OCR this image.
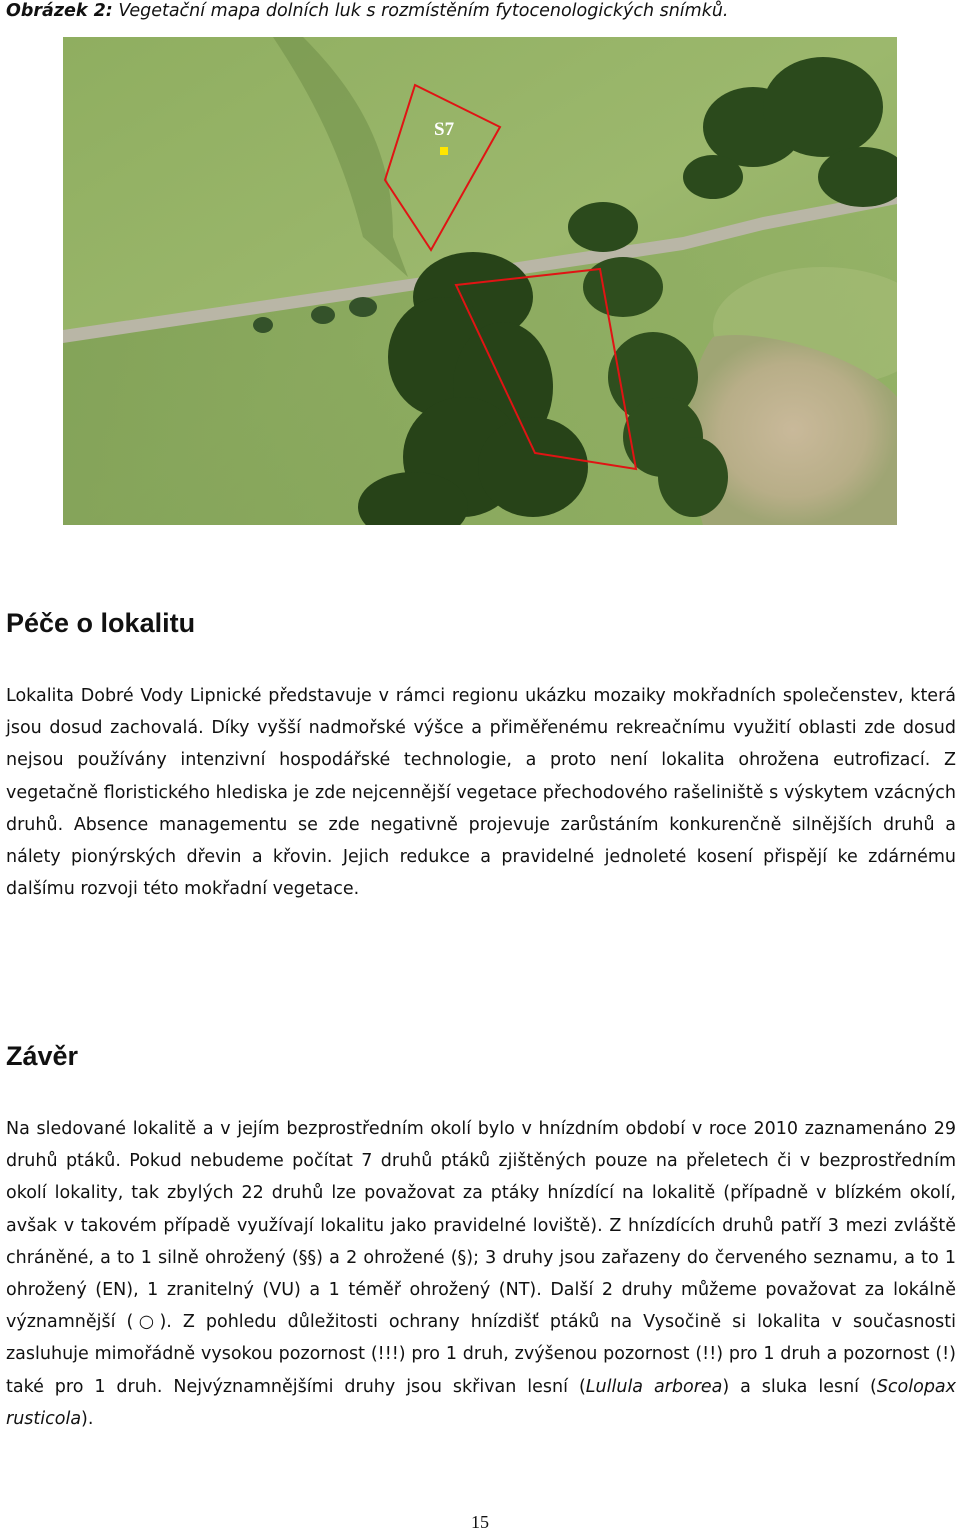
Obrázek 2: Vegetační mapa dolních luk s rozmístěním fytocenologických snímků.
S7
Péče o lokalitu

Lokalita Dobré Vody Lipnické představuje v rámci regionu ukázku mozaiky mokřadních společenstev, která jsou dosud zachovalá. Díky vyšší nadmořské výšce a přiměřenému rekreačnímu využití oblasti zde dosud nejsou používány intenzivní hospodářské technologie, a proto není lokalita ohrožena eutrofizací. Z vegetačně floristického hlediska je zde nejcennější vegetace přechodového rašeliniště s výskytem vzácných druhů. Absence managementu se zde negativně projevuje zarůstáním konkurenčně silnějších druhů a nálety pionýrských dřevin a křovin. Jejich redukce a pravidelné jednoleté kosení přispějí ke zdárnému dalšímu rozvoji této mokřadní vegetace.

Závěr

Na sledované lokalitě a v jejím bezprostředním okolí bylo v hnízdním období v roce 2010 zaznamenáno 29 druhů ptáků. Pokud nebudeme počítat 7 druhů ptáků zjištěných pouze na přeletech či v bezprostředním okolí lokality, tak zbylých 22 druhů lze považovat za ptáky hnízdící na lokalitě (případně v blízkém okolí, avšak v takovém případě využívají lokalitu jako pravidelné loviště). Z hnízdících druhů patří 3 mezi zvláště chráněné, a to 1 silně ohrožený (§§) a 2 ohrožené (§); 3 druhy jsou zařazeny do červeného seznamu, a to 1 ohrožený (EN), 1 zranitelný (VU) a 1 téměř ohrožený (NT). Další 2 druhy můžeme považovat za lokálně významnější (○). Z pohledu důležitosti ochrany hnízdišť ptáků na Vysočině si lokalita v současnosti zasluhuje mimořádně vysokou pozornost (!!!) pro 1 druh, zvýšenou pozornost (!!) pro 1 druh a pozornost (!) také pro 1 druh. Nejvýznamnějšími druhy jsou skřivan lesní (Lullula arborea) a sluka lesní (Scolopax rusticola).

15
